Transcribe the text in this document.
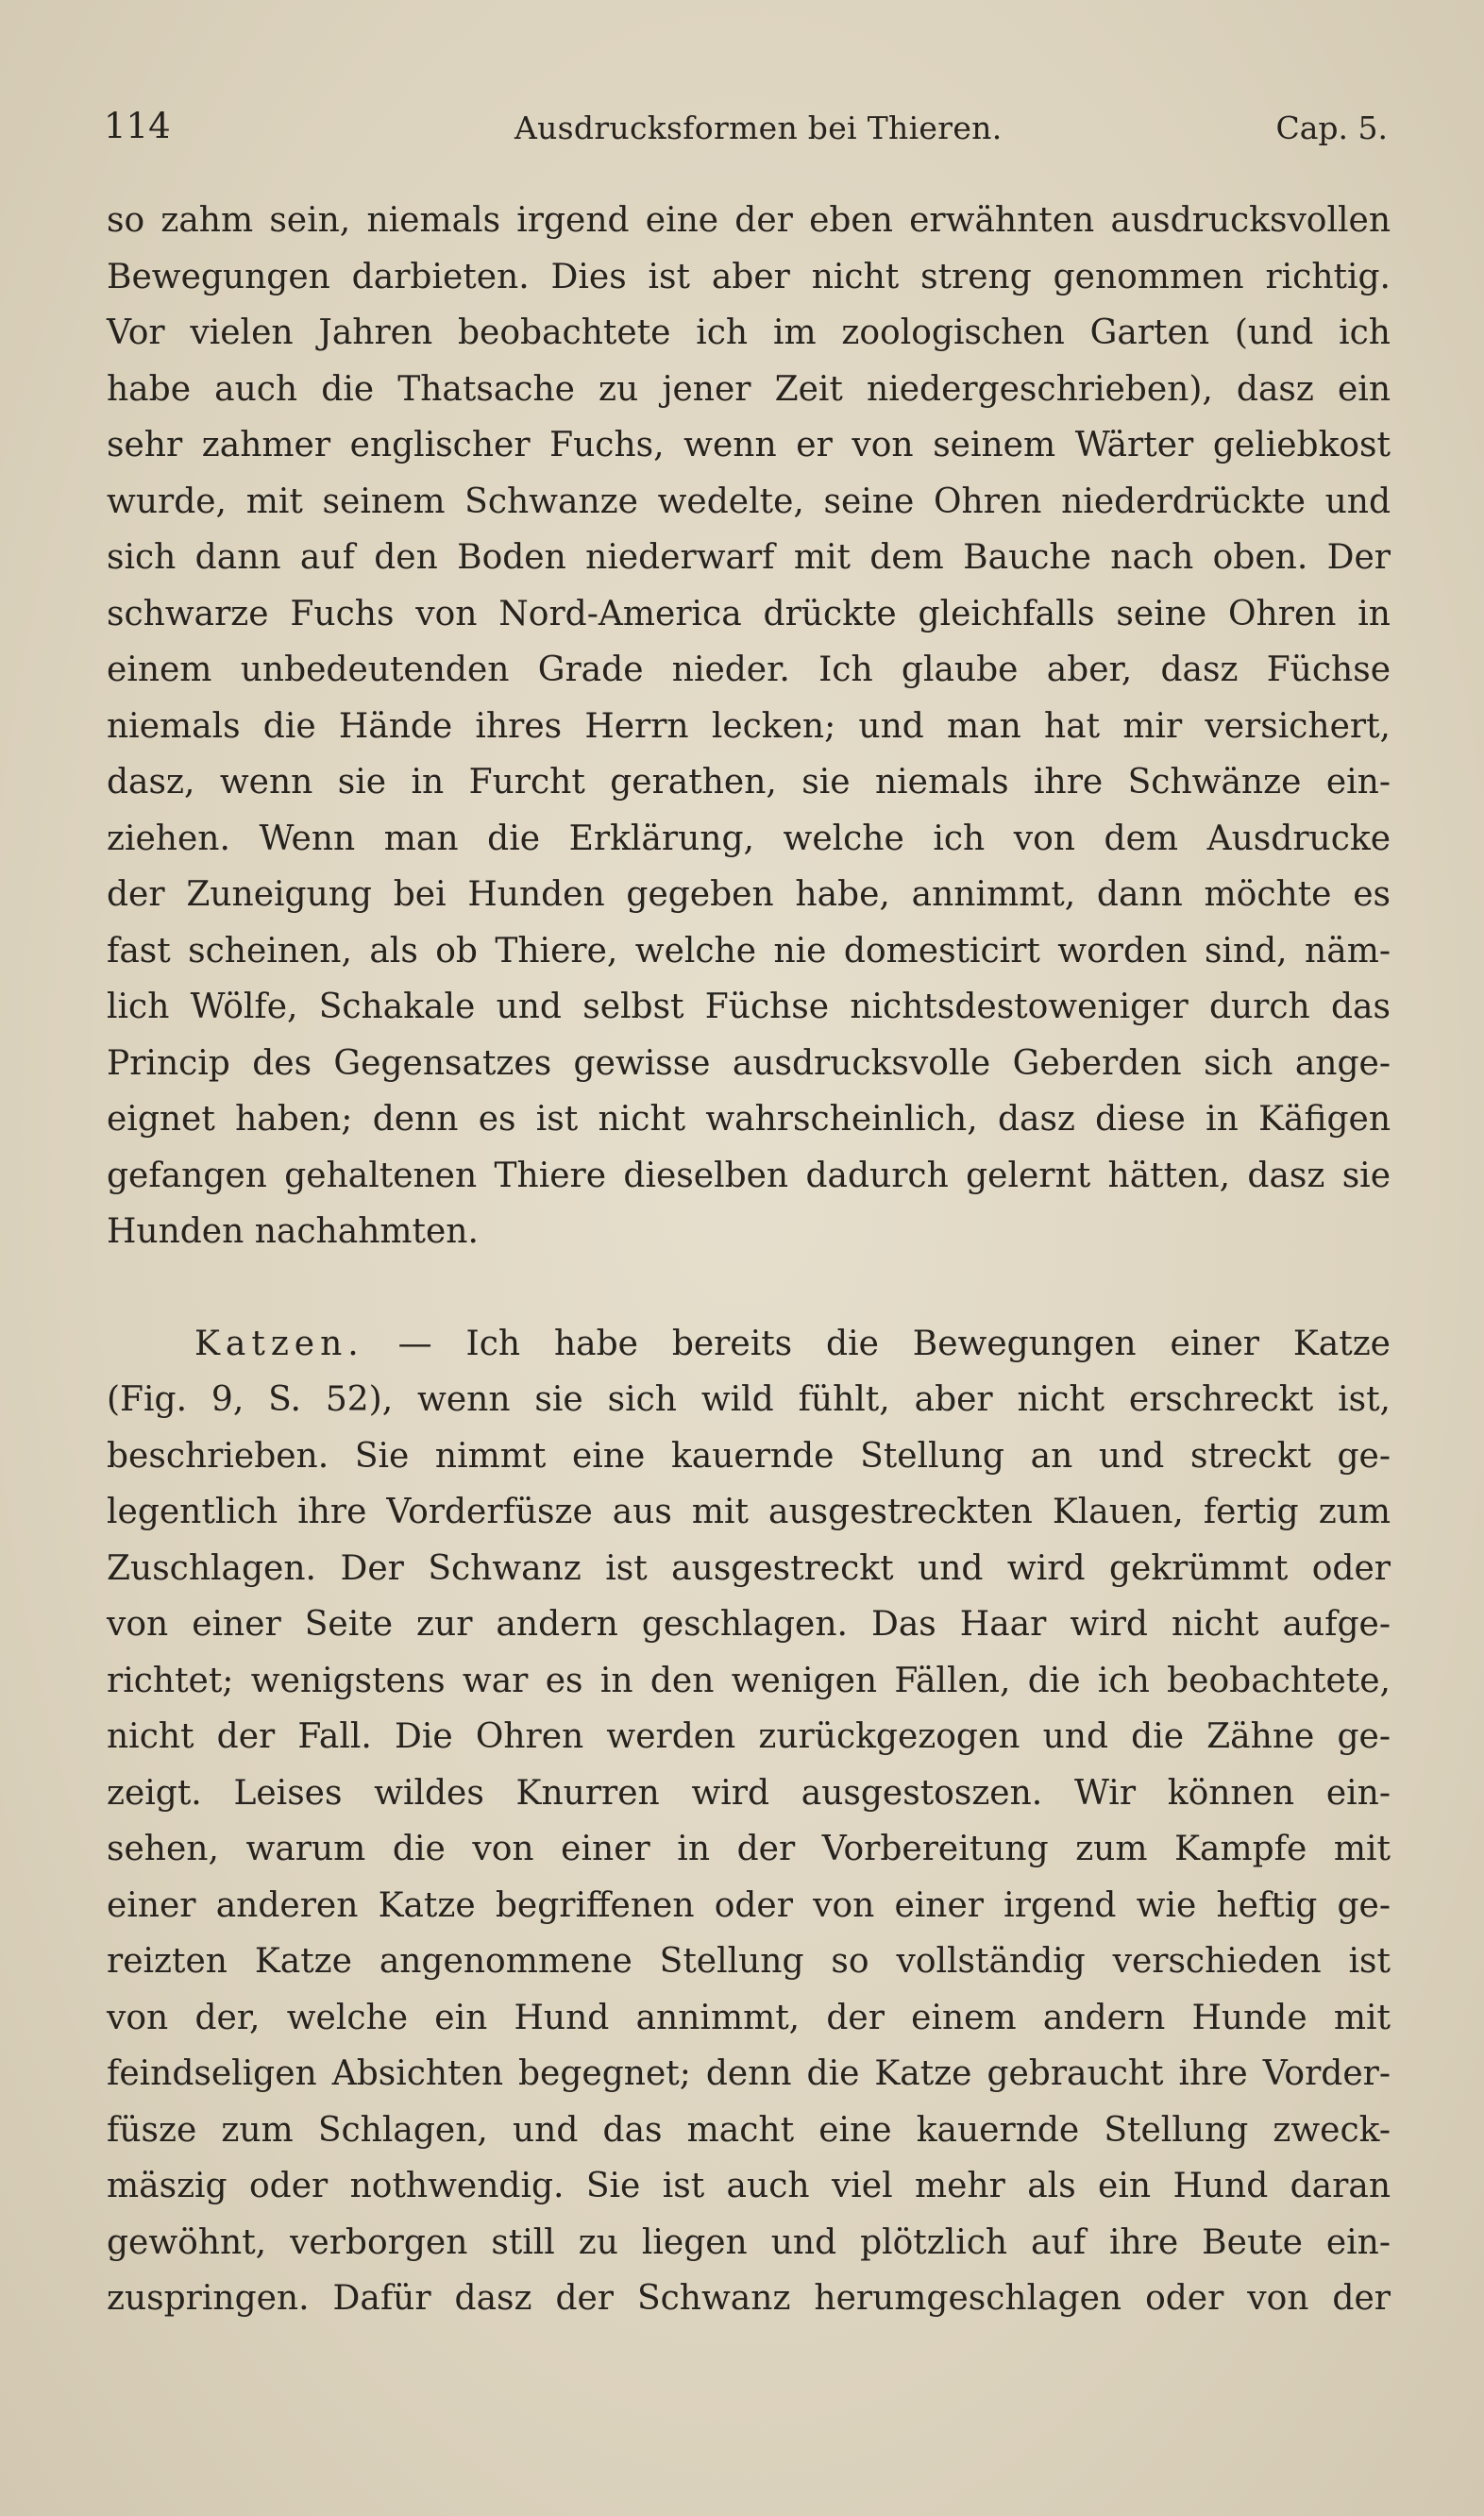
114	Ausdrucksformen bei Thieren.	Cap. 5.
so zahm sein, niemals irgend eine der eben erwähnten ausdrucksvollen
Bewegungen darbieten. Dies ist aber nicht streng genommen richtig.
Vor vielen Jahren beobachtete ich im zoologischen Garten (und ich
habe auch die Thatsache zu jener Zeit niedergeschrieben), dasz ein
sehr zahmer englischer Fuchs, wenn er von seinem Wärter geliebkost
wurde, mit seinem Schwanze wedelte, seine Ohren niederdrückte und
sich dann auf den Boden niederwarf mit dem Bauche nach oben. Der
schwarze Fuchs von Nord-America drückte gleichfalls seine Ohren in
einem unbedeutenden Grade nieder. Ich glaube aber, dasz Füchse
niemals die Hände ihres Herrn lecken; und man hat mir versichert,
dasz, wenn sie in Furcht gerathen, sie niemals ihre Schwänze ein-
ziehen. Wenn man die Erklärung, welche ich von dem Ausdrucke
der Zuneigung bei Hunden gegeben habe, annimmt, dann möchte es
fast scheinen, als ob Thiere, welche nie domesticirt worden sind, näm-
lich Wölfe, Schakale und selbst Füchse nichtsdestoweniger durch das
Princip des Gegensatzes gewisse ausdrucksvolle Geberden sich ange-
eignet haben; denn es ist nicht wahrscheinlich, dasz diese in Käfigen
gefangen gehaltenen Thiere dieselben dadurch gelernt hätten, dasz sie
Hunden nachahmten.
Katzen. — Ich habe bereits die Bewegungen einer Katze
(Fig. 9, S. 52), wenn sie sich wild fühlt, aber nicht erschreckt ist,
beschrieben. Sie nimmt eine kauernde Stellung an und streckt ge-
legentlich ihre Vorderfüsze aus mit ausgestreckten Klauen, fertig zum
Zuschlagen. Der Schwanz ist ausgestreckt und wird gekrümmt oder
von einer Seite zur andern geschlagen. Das Haar wird nicht aufge-
richtet; wenigstens war es in den wenigen Fällen, die ich beobachtete,
nicht der Fall. Die Ohren werden zurückgezogen und die Zähne ge-
zeigt. Leises wildes Knurren wird ausgestoszen. Wir können ein-
sehen, warum die von einer in der Vorbereitung zum Kampfe mit
einer anderen Katze begriffenen oder von einer irgend wie heftig ge-
reizten Katze angenommene Stellung so vollständig verschieden ist
von der, welche ein Hund annimmt, der einem andern Hunde mit
feindseligen Absichten begegnet; denn die Katze gebraucht ihre Vorder-
füsze zum Schlagen, und das macht eine kauernde Stellung zweck-
mäszig oder nothwendig. Sie ist auch viel mehr als ein Hund daran
gewöhnt, verborgen still zu liegen und plötzlich auf ihre Beute ein-
zuspringen. Dafür dasz der Schwanz herumgeschlagen oder von der
